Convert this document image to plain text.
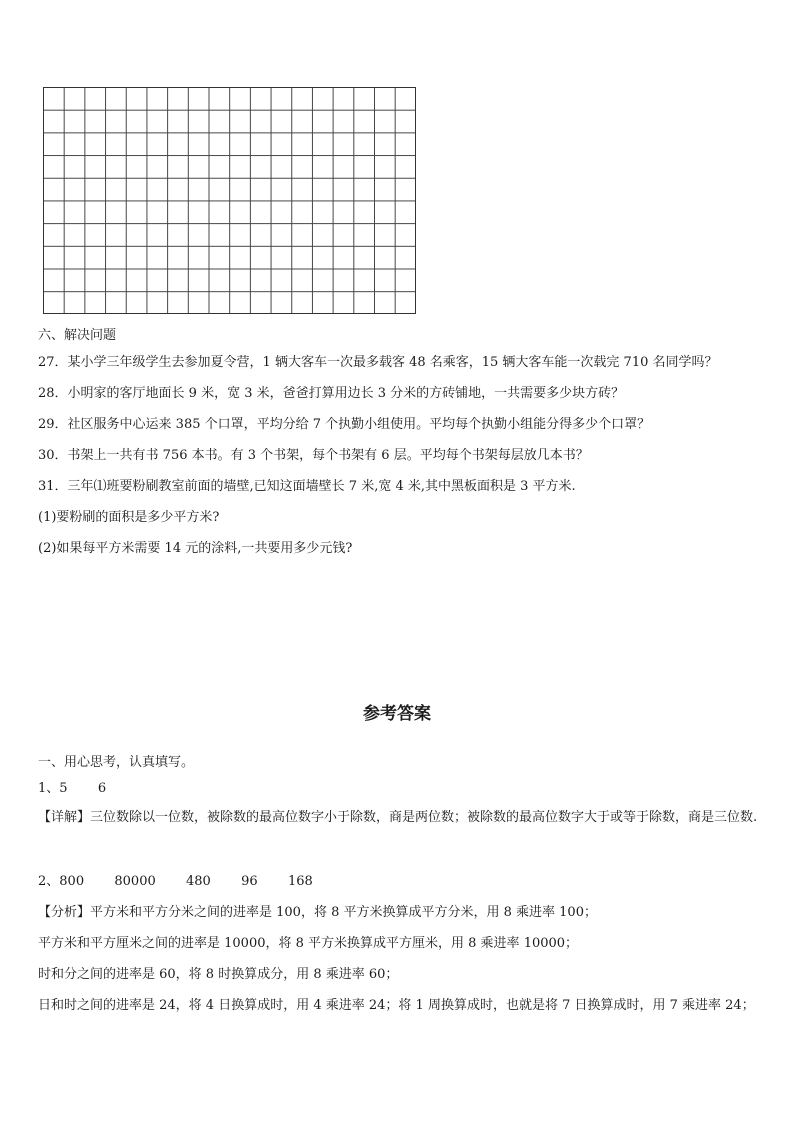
六、解决问题
27．某小学三年级学生去参加夏令营，1 辆大客车一次最多载客 48 名乘客，15 辆大客车能一次载完 710 名同学吗？
28．小明家的客厅地面长 9 米，宽 3 米，爸爸打算用边长 3 分米的方砖铺地，一共需要多少块方砖？
29．社区服务中心运来 385 个口罩，平均分给 7 个执勤小组使用。平均每个执勤小组能分得多少个口罩？
30．书架上一共有书 756 本书。有 3 个书架，每个书架有 6 层。平均每个书架每层放几本书？
31．三年⑴班要粉刷教室前面的墙壁,已知这面墙壁长 7 米,宽 4 米,其中黑板面积是 3 平方米.
(1)要粉刷的面积是多少平方米?
(2)如果每平方米需要 14 元的涂料,一共要用多少元钱?
参考答案
一、用心思考，认真填写。
1、5 6
【详解】三位数除以一位数，被除数的最高位数字小于除数，商是两位数；被除数的最高位数字大于或等于除数，商是三位数.
2、800 80000 480 96 168
【分析】平方米和平方分米之间的进率是 100，将 8 平方米换算成平方分米，用 8 乘进率 100；
平方米和平方厘米之间的进率是 10000，将 8 平方米换算成平方厘米，用 8 乘进率 10000；
时和分之间的进率是 60，将 8 时换算成分，用 8 乘进率 60；
日和时之间的进率是 24，将 4 日换算成时，用 4 乘进率 24；将 1 周换算成时，也就是将 7 日换算成时，用 7 乘进率 24；
